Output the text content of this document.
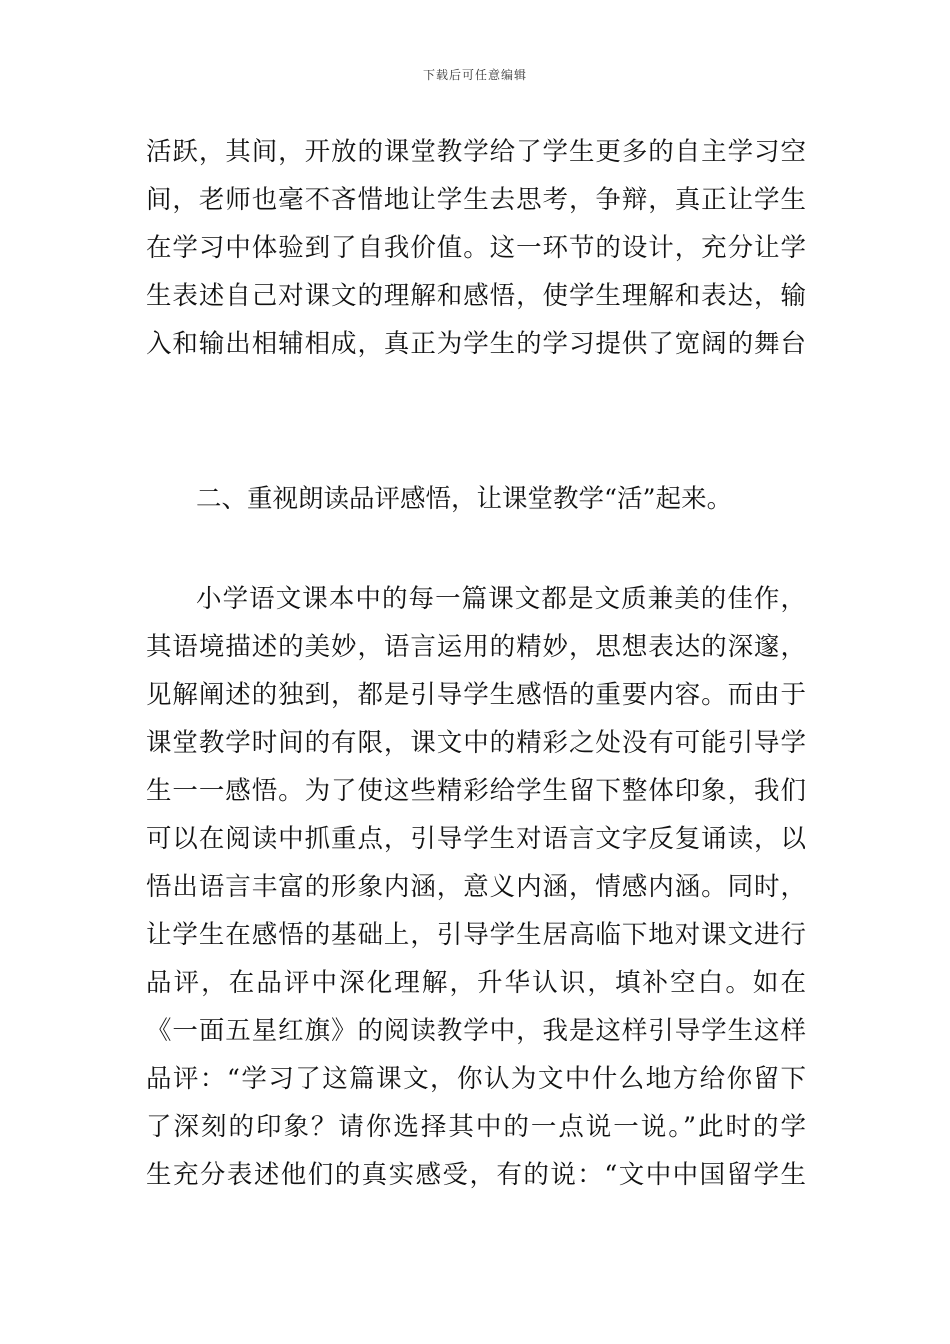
下载后可任意编辑
活跃，其间，开放的课堂教学给了学生更多的自主学习空
间，老师也毫不吝惜地让学生去思考，争辩，真正让学生
在学习中体验到了自我价值。这一环节的设计，充分让学
生表述自己对课文的理解和感悟，使学生理解和表达，输
入和输出相辅相成，真正为学生的学习提供了宽阔的舞台
二、重视朗读品评感悟，让课堂教学“活”起来。
小学语文课本中的每一篇课文都是文质兼美的佳作，
其语境描述的美妙，语言运用的精妙，思想表达的深邃，
见解阐述的独到，都是引导学生感悟的重要内容。而由于
课堂教学时间的有限，课文中的精彩之处没有可能引导学
生一一感悟。为了使这些精彩给学生留下整体印象，我们
可以在阅读中抓重点，引导学生对语言文字反复诵读，以
悟出语言丰富的形象内涵，意义内涵，情感内涵。同时，
让学生在感悟的基础上，引导学生居高临下地对课文进行
品评，在品评中深化理解，升华认识，填补空白。如在
《一面五星红旗》的阅读教学中，我是这样引导学生这样
品评：“学习了这篇课文，你认为文中什么地方给你留下
了深刻的印象？请你选择其中的一点说一说。”此时的学
生充分表述他们的真实感受，有的说：“文中中国留学生
